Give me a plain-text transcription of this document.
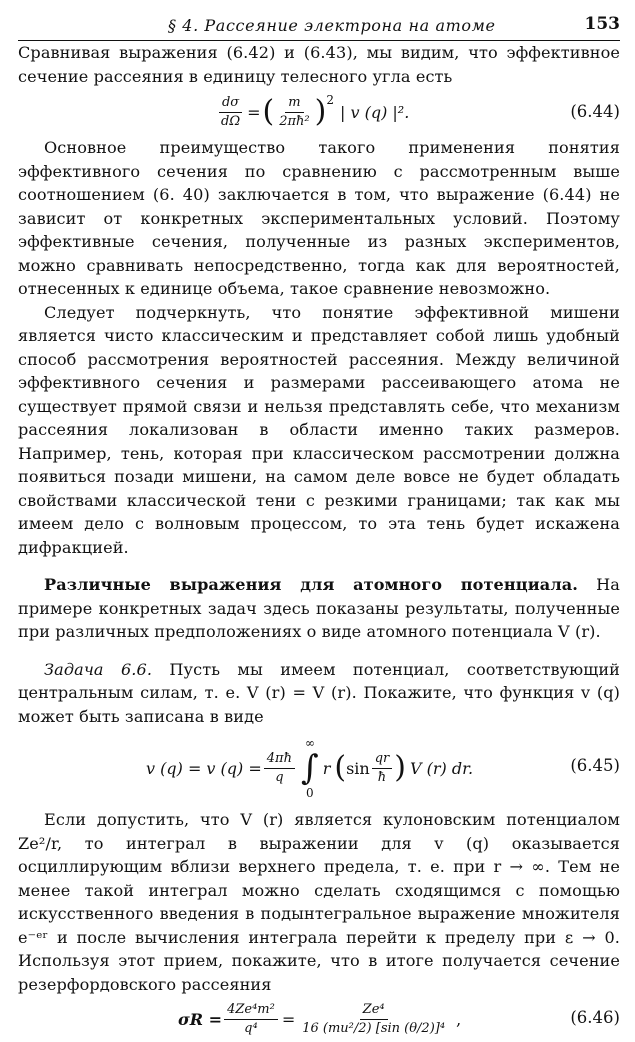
§ 4. Рассеяние электрона на атоме	153

Сравнивая выражения (6.42) и (6.43), мы видим, что эффективное сечение рассеяния в единицу телесного угла есть

$\frac{d\sigma}{d\Omega}$ = ( $\frac{m}{\text{2πħ²}}$ ) 2
| v (q) |².	(6.44)

Основное преимущество такого применения понятия эффективного сечения по сравнению с рассмотренным выше соотношением (6. 40) заключается в том, что выражение (6.44) не зависит от конкретных экспериментальных условий. Поэтому эффективные сечения, полученные из разных экспериментов, можно сравнивать непосредственно, тогда как для вероятностей, отнесенных к единице объема, такое сравнение невозможно.

Следует подчеркнуть, что понятие эффективной мишени является чисто классическим и представляет собой лишь удобный способ рассмотрения вероятностей рассеяния. Между величиной эффективного сечения и размерами рассеивающего атома не существует прямой связи и нельзя представлять себе, что механизм рассеяния локализован в области именно таких размеров. Например, тень, которая при классическом рассмотрении должна появиться позади мишени, на самом деле вовсе не будет обладать свойствами классической тени с резкими границами; так как мы имеем дело с волновым процессом, то эта тень будет искажена дифракцией.

Различные выражения для атомного потенциала. На примере конкретных задач здесь показаны результаты, полученные при различных предположениях о виде атомного потенциала V (r).

Задача 6.6. Пусть мы имеем потенциал, соответствующий центральным силам, т. е. V (r) = V (r). Покажите, что функция v (q) может быть записана в виде

v (q) = v $(q) = \frac{4\pi ħ}{q}$
∞
∫
0
r ( $\sin \frac{qr}{ħ}$ ) V (r) dr.	(6.45)

Если допустить, что V (r) является кулоновским потенциалом Ze²/r, то интеграл в выражении для v (q) оказывается осциллирующим вблизи верхнего предела, т. е. при r → ∞. Тем не менее такой интеграл можно сделать сходящимся с помощью искусственного введения в подынтегральное выражение множителя e⁻ᵉʳ и после вычисления интеграла перейти к пределу при ε → 0. Используя этот прием, покажите, что в итоге получается сечение резерфордовского рассеяния

$\sigma R = \frac{\text{4Ze⁴m²}}{\text{q⁴}} = \frac{\text{Ze⁴}}{\text{16 (mu²/2) [sin (θ/2)]⁴}}$ ,	(6.46)
